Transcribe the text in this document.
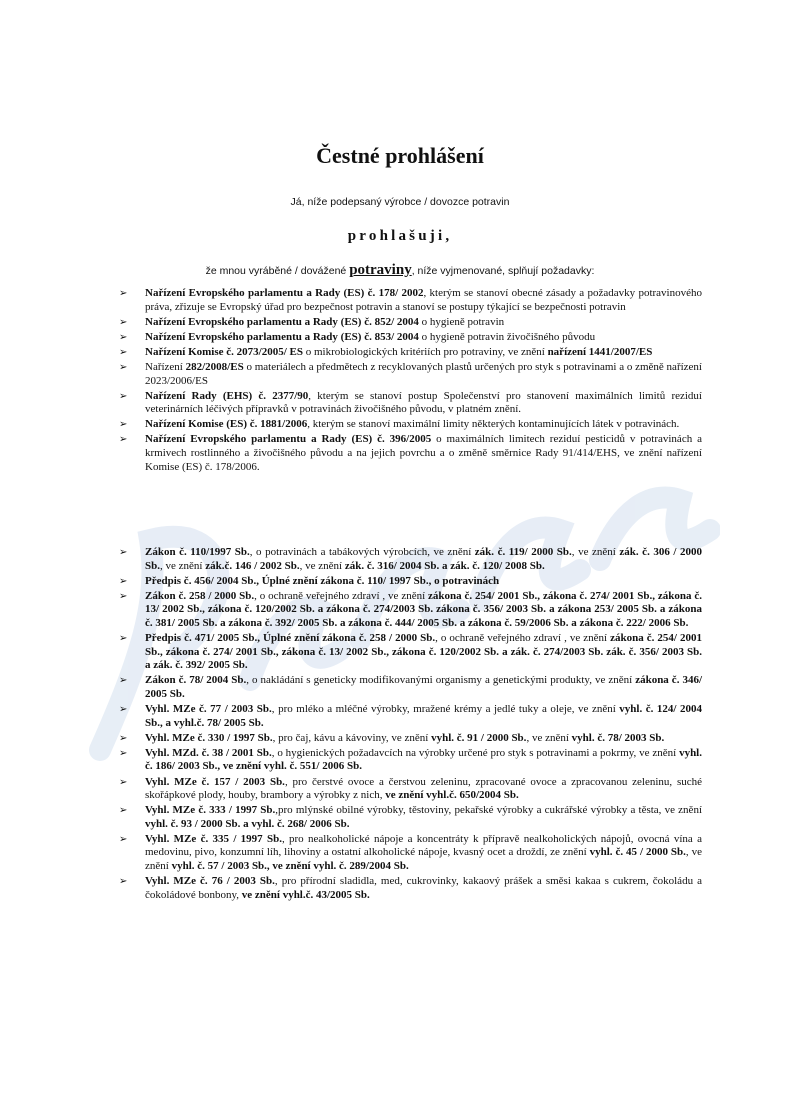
Čestné prohlášení
Já, níže podepsaný výrobce / dovozce potravin
prohlašuji,
že mnou vyráběné / dovážené potraviny, níže vyjmenované, splňují požadavky:
➢ Nařízení Evropského parlamentu a Rady (ES) č. 178/ 2002, kterým se stanoví obecné zásady a požadavky potravinového práva, zřizuje se Evropský úřad pro bezpečnost potravin a stanoví se postupy týkající se bezpečnosti potravin
➢ Nařízení Evropského parlamentu a Rady (ES) č. 852/ 2004 o hygieně potravin
➢ Nařízení Evropského parlamentu a Rady (ES) č. 853/ 2004 o hygieně potravin živočišného původu
➢ Nařízení Komise č. 2073/2005/ ES o mikrobiologických kritériích pro potraviny, ve znění nařízení 1441/2007/ES
➢ Nařízení 282/2008/ES o materiálech a předmětech z recyklovaných plastů určených pro styk s potravinami a o změně nařízení 2023/2006/ES
➢ Nařízení Rady (EHS) č. 2377/90, kterým se stanoví postup Společenství pro stanovení maximálních limitů reziduí veterinárních léčivých přípravků v potravinách živočišného původu, v platném znění.
➢ Nařízení Komise (ES) č. 1881/2006, kterým se stanoví maximální limity některých kontaminujících látek v potravinách.
➢ Nařízení Evropského parlamentu a Rady (ES) č. 396/2005 o maximálních limitech reziduí pesticidů v potravinách a krmivech rostlinného a živočišného původu a na jejich povrchu a o změně směrnice Rady 91/414/EHS, ve znění nařízení Komise (ES) č. 178/2006.
➢ Zákon č. 110/1997 Sb., o potravinách a tabákových výrobcích, ve znění zák. č. 119/ 2000 Sb., ve znění zák. č. 306 / 2000 Sb., ve znění zák.č. 146 / 2002 Sb., ve znění zák. č. 316/ 2004 Sb. a zák. č. 120/ 2008 Sb.
➢ Předpis č. 456/ 2004 Sb., Úplné znění zákona č. 110/ 1997 Sb., o potravinách
➢ Zákon č. 258 / 2000 Sb., o ochraně veřejného zdraví , ve znění zákona č. 254/ 2001 Sb., zákona č. 274/ 2001 Sb., zákona č. 13/ 2002 Sb., zákona č. 120/2002 Sb. a zákona č. 274/2003 Sb. zákona č. 356/ 2003 Sb. a zákona 253/ 2005 Sb. a zákona č. 381/ 2005 Sb. a zákona č. 392/ 2005 Sb. a zákona č. 444/ 2005 Sb. a zákona č. 59/2006 Sb. a zákona č. 222/ 2006 Sb.
➢ Předpis č. 471/ 2005 Sb., Úplné znění zákona č. 258 / 2000 Sb., o ochraně veřejného zdraví , ve znění zákona č. 254/ 2001 Sb., zákona č. 274/ 2001 Sb., zákona č. 13/ 2002 Sb., zákona č. 120/2002 Sb. a zák. č. 274/2003 Sb. zák. č. 356/ 2003 Sb. a zák. č. 392/ 2005 Sb.
➢ Zákon č. 78/ 2004 Sb., o nakládání s geneticky modifikovanými organismy a genetickými produkty, ve znění zákona č. 346/ 2005 Sb.
➢ Vyhl. MZe č. 77 / 2003 Sb., pro mléko a mléčné výrobky, mražené krémy a jedlé tuky a oleje, ve znění vyhl. č. 124/ 2004 Sb., a vyhl.č. 78/ 2005 Sb.
➢ Vyhl. MZe č. 330 / 1997 Sb., pro čaj, kávu a kávoviny, ve znění vyhl. č. 91 / 2000 Sb., ve znění vyhl. č. 78/ 2003 Sb.
➢ Vyhl. MZd. č. 38 / 2001 Sb., o hygienických požadavcích na výrobky určené pro styk s potravinami a pokrmy, ve znění vyhl. č. 186/ 2003 Sb., ve znění vyhl. č. 551/ 2006 Sb.
➢ Vyhl. MZe č. 157 / 2003 Sb., pro čerstvé ovoce a čerstvou zeleninu, zpracované ovoce a zpracovanou zeleninu, suché skořápkové plody, houby, brambory a výrobky z nich, ve znění vyhl.č. 650/2004 Sb.
➢ Vyhl. MZe č. 333 / 1997 Sb.,pro mlýnské obilné výrobky, těstoviny, pekařské výrobky a cukrářské výrobky a těsta, ve znění vyhl. č. 93 / 2000 Sb. a vyhl. č. 268/ 2006 Sb.
➢ Vyhl. MZe č. 335 / 1997 Sb., pro nealkoholické nápoje a koncentráty k přípravě nealkoholických nápojů, ovocná vína a medovinu, pivo, konzumní líh, lihoviny a ostatní alkoholické nápoje, kvasný ocet a droždí, ze znění vyhl. č. 45 / 2000 Sb., ve znění vyhl. č. 57 / 2003 Sb., ve znění vyhl. č. 289/2004 Sb.
➢ Vyhl. MZe č. 76 / 2003 Sb., pro přírodní sladidla, med, cukrovinky, kakaový prášek a směsi kakaa s cukrem, čokoládu a čokoládové bonbony, ve znění vyhl.č. 43/2005 Sb.
